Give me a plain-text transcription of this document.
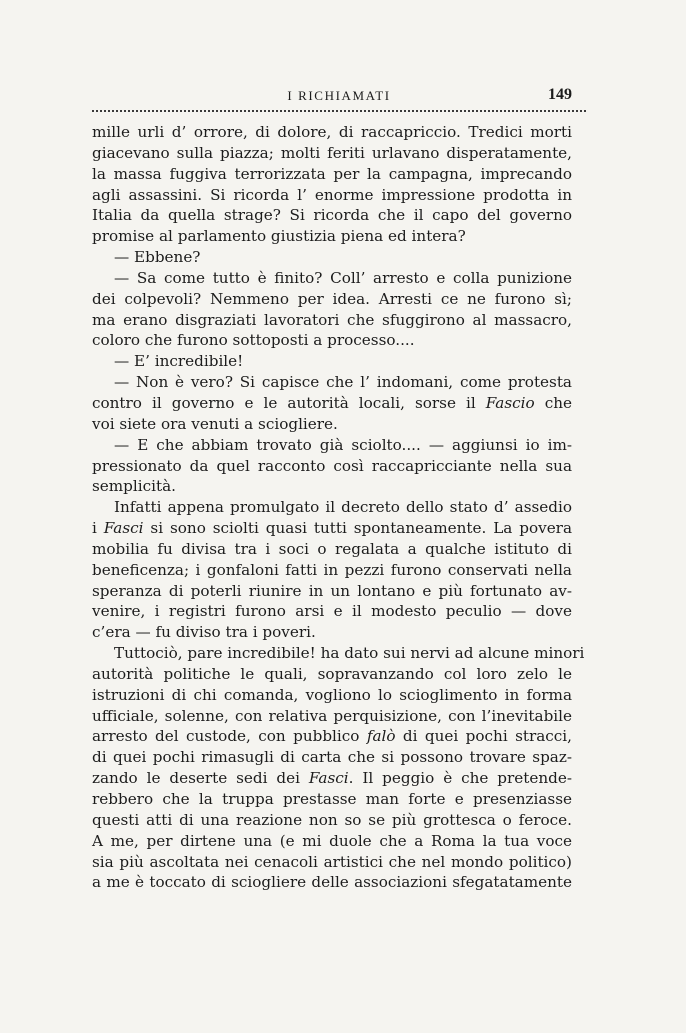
I RICHIAMATI	149
mille urli d’ orrore, di dolore, di raccapriccio. Tredici morti
giacevano sulla piazza; molti feriti urlavano disperatamente,
la massa fuggiva terrorizzata per la campagna, imprecando
agli assassini. Si ricorda l’ enorme impressione prodotta in
Italia da quella strage? Si ricorda che il capo del governo
promise al parlamento giustizia piena ed intera?
— Ebbene?
— Sa come tutto è finito? Coll’ arresto e colla punizione
dei colpevoli? Nemmeno per idea. Arresti ce ne furono sì;
ma erano disgraziati lavoratori che sfuggirono al massacro,
coloro che furono sottoposti a processo....
— E’ incredibile!
— Non è vero? Si capisce che l’ indomani, come protesta
contro il governo e le autorità locali, sorse il Fascio che
voi siete ora venuti a sciogliere.
— E che abbiam trovato già sciolto.... — aggiunsi io im-
pressionato da quel racconto così raccapricciante nella sua
semplicità.
Infatti appena promulgato il decreto dello stato d’ assedio
i Fasci si sono sciolti quasi tutti spontaneamente. La povera
mobilia fu divisa tra i soci o regalata a qualche istituto di
beneficenza; i gonfaloni fatti in pezzi furono conservati nella
speranza di poterli riunire in un lontano e più fortunato av-
venire, i registri furono arsi e il modesto peculio — dove
c’era — fu diviso tra i poveri.
Tuttociò, pare incredibile! ha dato sui nervi ad alcune minori
autorità politiche le quali, sopravanzando col loro zelo le
istruzioni di chi comanda, vogliono lo scioglimento in forma
ufficiale, solenne, con relativa perquisizione, con l’inevitabile
arresto del custode, con pubblico falò di quei pochi stracci,
di quei pochi rimasugli di carta che si possono trovare spaz-
zando le deserte sedi dei Fasci. Il peggio è che pretende-
rebbero che la truppa prestasse man forte e presenziasse
questi atti di una reazione non so se più grottesca o feroce.
A me, per dirtene una (e mi duole che a Roma la tua voce
sia più ascoltata nei cenacoli artistici che nel mondo politico)
a me è toccato di sciogliere delle associazioni sfegatatamente
